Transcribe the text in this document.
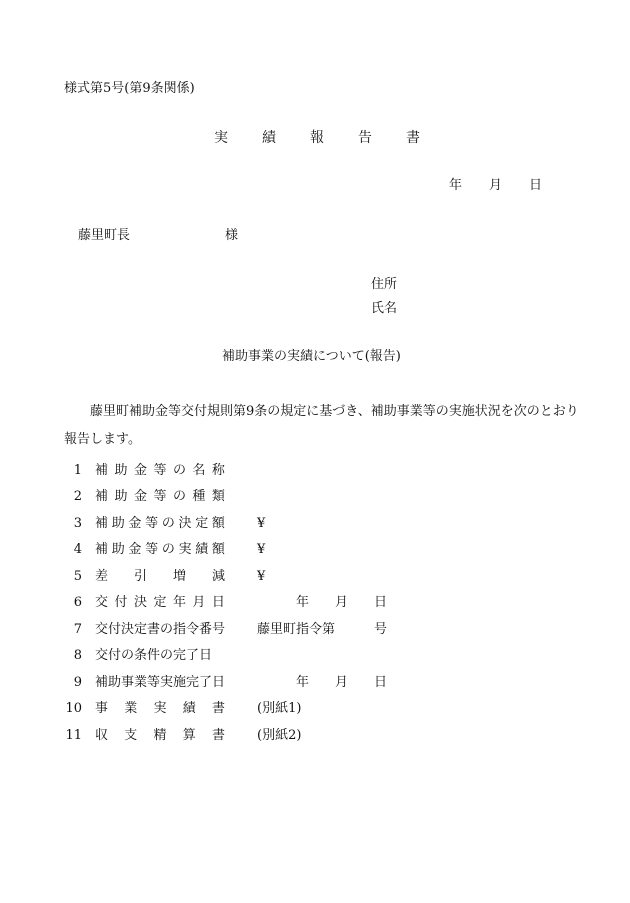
様式第5号(第9条関係)
実 績 報 告 書
年 月 日
藤里町長	様
住所
氏名
補助事業の実績について(報告)

藤里町補助金等交付規則第9条の規定に基づき、補助事業等の実施状況を次のとおり報告します。

1 補 助 金 等 の 名 称
2 補 助 金 等 の 種 類
3 補 助 金 等 の 決 定 額 ¥
4 補 助 金 等 の 実 績 額 ¥
5 差 引 増 減 ¥
6 交 付 決 定 年 月 日	年　　月　　日
7 交付決定書の指令番号 藤里町指令第　　　号
8 交付の条件の完了日
9 補助事業等実施完了日	年　　月　　日
10 事 業 実 績 書 (別紙1)
11 収 支 精 算 書 (別紙2)
